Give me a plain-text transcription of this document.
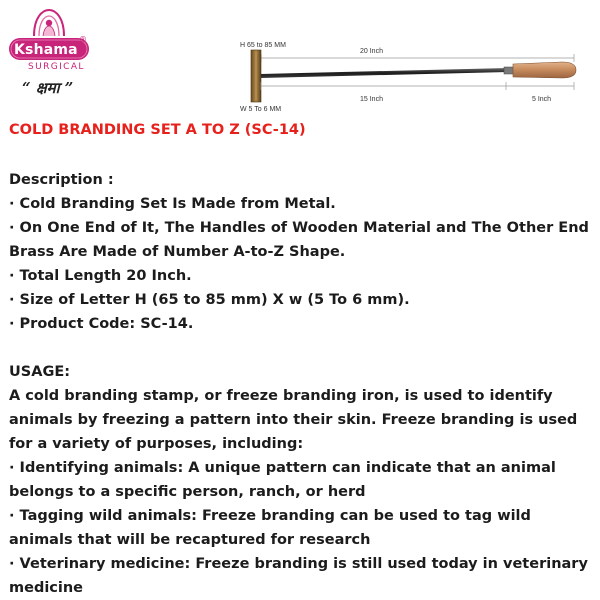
Kshama
®
SURGICAL
“ क्षमा ”
H 65 to 85 MM
W 5 To 6 MM
20 Inch
15 Inch	5 Inch
COLD BRANDING SET A TO Z (SC-14)
Description :
· Cold Branding Set Is Made from Metal.
· On One End of It, The Handles of Wooden Material and The Other End Brass Are Made of Number A-to-Z Shape.
· Total Length 20 Inch.
· Size of Letter H (65 to 85 mm) X w (5 To 6 mm).
· Product Code: SC-14.
USAGE:
A cold branding stamp, or freeze branding iron, is used to identify animals by freezing a pattern into their skin. Freeze branding is used for a variety of purposes, including:
· Identifying animals: A unique pattern can indicate that an animal belongs to a specific person, ranch, or herd
· Tagging wild animals: Freeze branding can be used to tag wild animals that will be recaptured for research
· Veterinary medicine: Freeze branding is still used today in veterinary medicine
